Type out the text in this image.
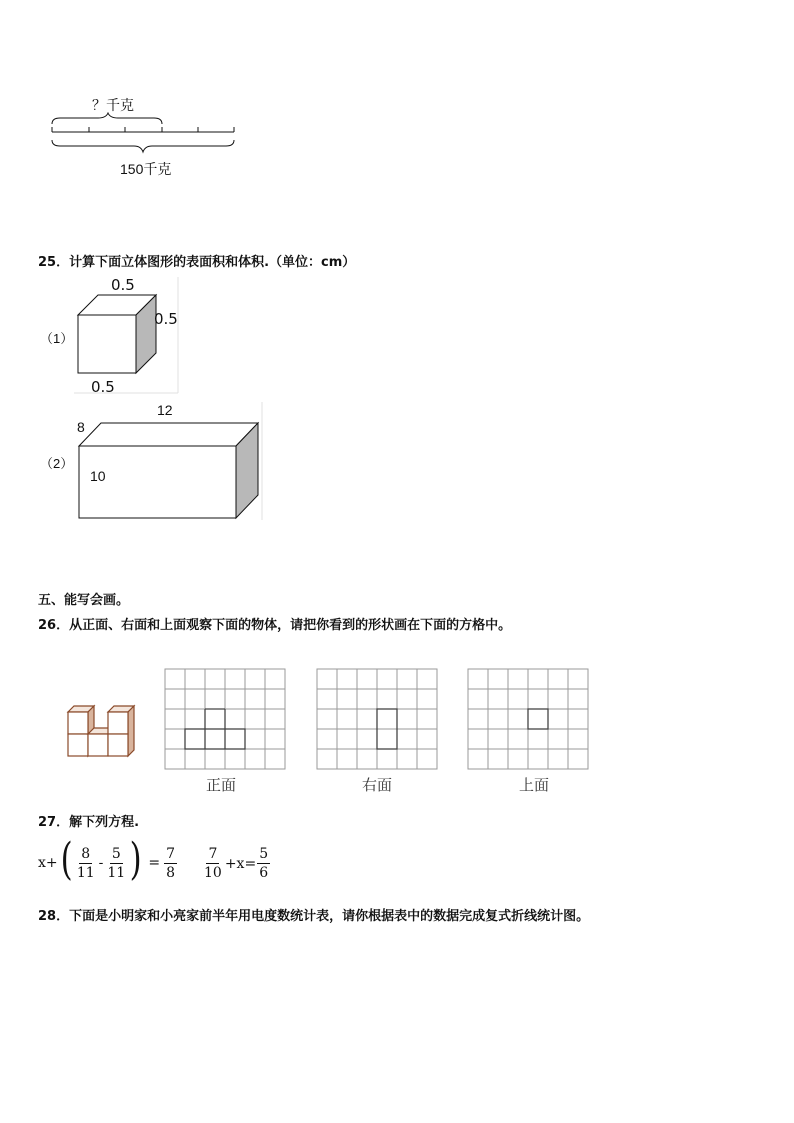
？千克
150千克
25．计算下面立体图形的表面积和体积.（单位：cm）
（1）
0.5
0.5
0.5
（2）
12
8
10
五、能写会画。
26．从正面、右面和上面观察下面的物体，请把你看到的形状画在下面的方格中。
正面	右面	上面
27．解下列方程.
x+ ( $\frac{8}{11} - \frac{5}{11}$ ) = $\frac{7}{8} \frac{7}{10} +x= \frac{5}{6}$
28．下面是小明家和小亮家前半年用电度数统计表，请你根据表中的数据完成复式折线统计图。
